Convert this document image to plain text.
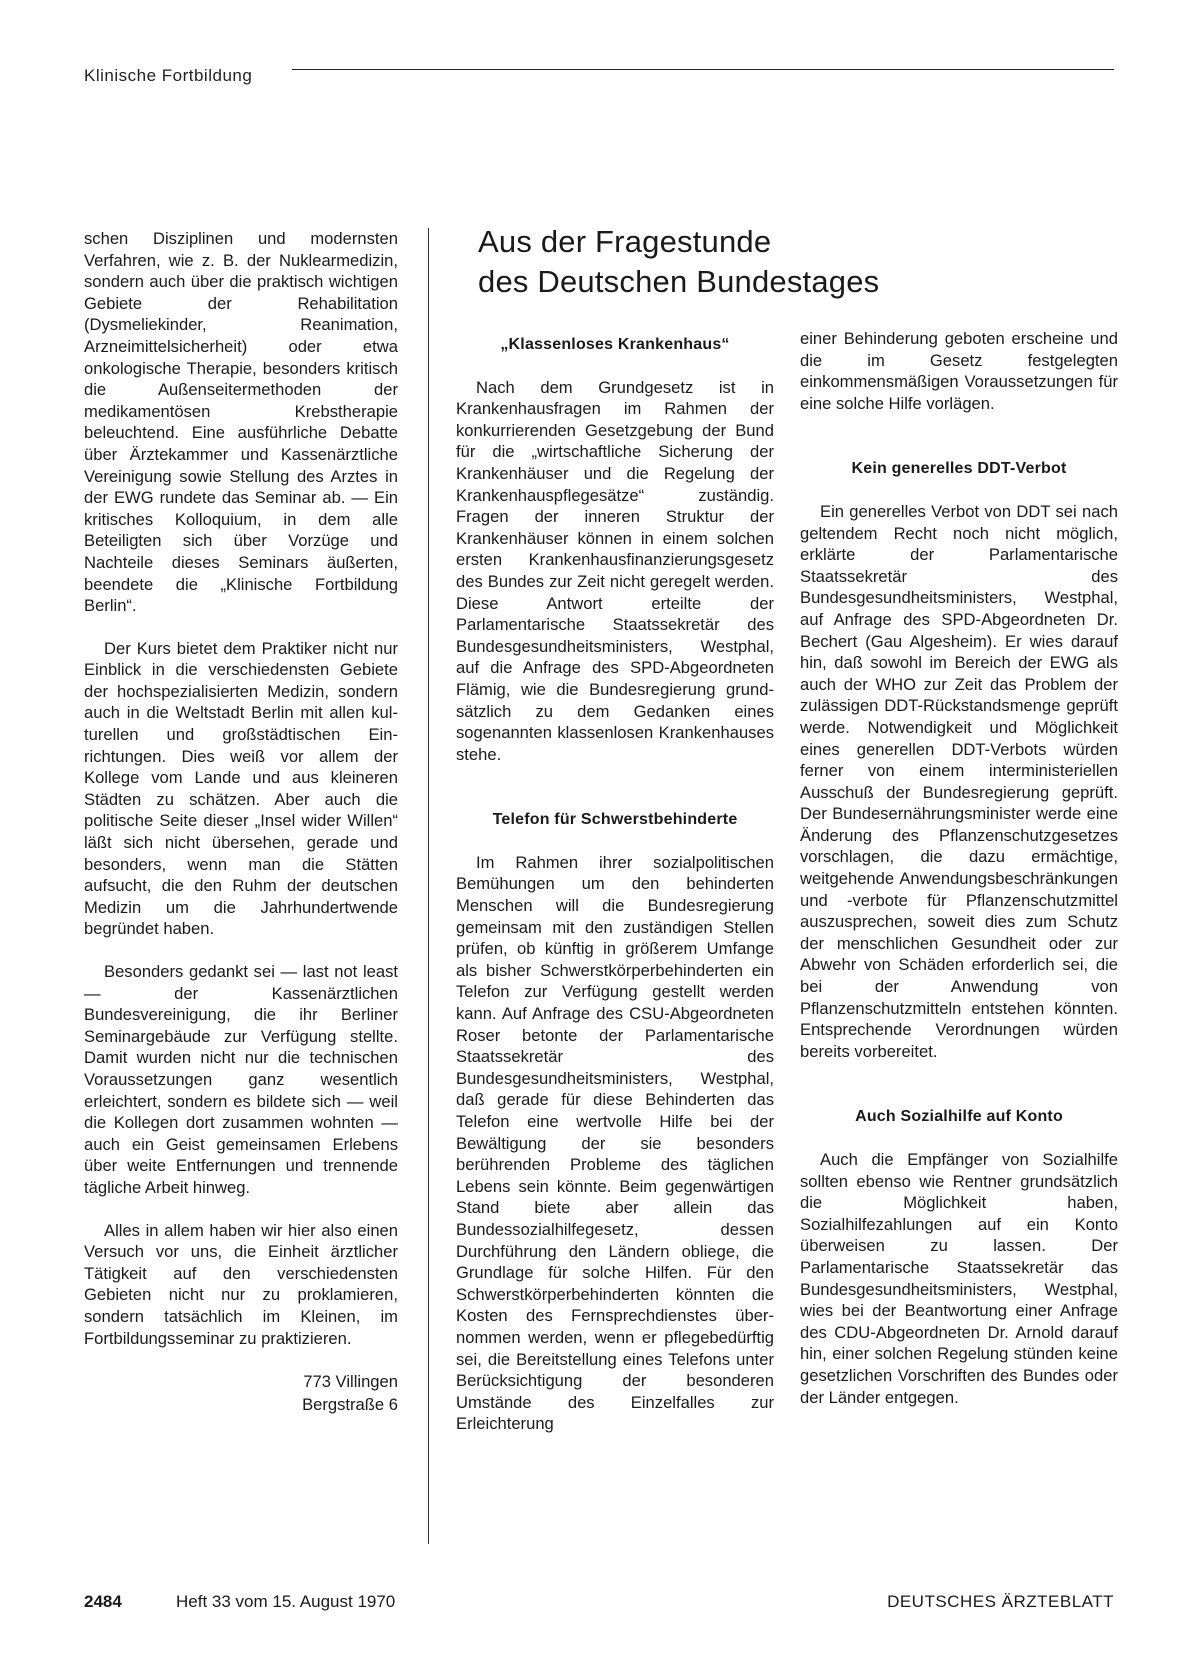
Klinische Fortbildung

schen Disziplinen und modernsten Verfahren, wie z. B. der Nuklearmedizin, sondern auch über die praktisch wichtigen Gebiete der Rehabilitation (Dysmeliekinder, Reanimation, Arzneimittelsicherheit) oder etwa onkologische Therapie, besonders kritisch die Außenseitermethoden der medikamentösen Krebstherapie beleuchtend. Eine ausführliche Debatte über Ärztekammer und Kassenärztliche Vereinigung sowie Stellung des Arztes in der EWG rundete das Seminar ab. — Ein kritisches Kolloquium, in dem alle Beteiligten sich über Vorzüge und Nachteile dieses Seminars äußerten, beendete die „Klinische Fortbildung Berlin“.

Der Kurs bietet dem Praktiker nicht nur Einblick in die verschiedensten Gebiete der hochspezialisierten Medizin, sondern auch in die Weltstadt Berlin mit allen kulturellen und großstädtischen Einrichtungen. Dies weiß vor allem der Kollege vom Lande und aus kleineren Städten zu schätzen. Aber auch die politische Seite dieser „Insel wider Willen“ läßt sich nicht übersehen, gerade und besonders, wenn man die Stätten aufsucht, die den Ruhm der deutschen Medizin um die Jahrhundertwende begründet haben.

Besonders gedankt sei — last not least — der Kassenärztlichen Bundesvereinigung, die ihr Berliner Seminargebäude zur Verfügung stellte. Damit wurden nicht nur die technischen Voraussetzungen ganz wesentlich erleichtert, sondern es bildete sich — weil die Kollegen dort zusammen wohnten — auch ein Geist gemeinsamen Erlebens über weite Entfernungen und trennende tägliche Arbeit hinweg.

Alles in allem haben wir hier also einen Versuch vor uns, die Einheit ärztlicher Tätigkeit auf den verschiedensten Gebieten nicht nur zu proklamieren, sondern tatsächlich im Kleinen, im Fortbildungsseminar zu praktizieren.

773 Villingen
Bergstraße 6
Aus der Fragestunde
des Deutschen Bundestages
„Klassenloses Krankenhaus“

Nach dem Grundgesetz ist in Krankenhausfragen im Rahmen der konkurrierenden Gesetzgebung der Bund für die „wirtschaftliche Sicherung der Krankenhäuser und die Regelung der Krankenhauspflegesätze“ zuständig. Fragen der inneren Struktur der Krankenhäuser können in einem solchen ersten Krankenhausfinanzierungsgesetz des Bundes zur Zeit nicht geregelt werden. Diese Antwort erteilte der Parlamentarische Staatssekretär des Bundesgesundheitsministers, Westphal, auf die Anfrage des SPD-Abgeordneten Flämig, wie die Bundesregierung grundsätzlich zu dem Gedanken eines sogenannten klassenlosen Krankenhauses stehe.

Telefon für Schwerstbehinderte

Im Rahmen ihrer sozialpolitischen Bemühungen um den behinderten Menschen will die Bundesregierung gemeinsam mit den zuständigen Stellen prüfen, ob künftig in größerem Umfange als bisher Schwerstkörperbehinderten ein Telefon zur Verfügung gestellt werden kann. Auf Anfrage des CSU-Abgeordneten Roser betonte der Parlamentarische Staatssekretär des Bundesgesundheitsministers, Westphal, daß gerade für diese Behinderten das Telefon eine wertvolle Hilfe bei der Bewältigung der sie besonders berührenden Probleme des täglichen Lebens sein könnte. Beim gegenwärtigen Stand biete aber allein das Bundessozialhilfegesetz, dessen Durchführung den Ländern obliege, die Grundlage für solche Hilfen. Für den Schwerstkörperbehinderten könnten die Kosten des Fernsprechdienstes übernommen werden, wenn er pflegebedürftig sei, die Bereitstellung eines Telefons unter Berücksichtigung der besonderen Umstände des Einzelfalles zur Erleichterung

einer Behinderung geboten erscheine und die im Gesetz festgelegten einkommensmäßigen Voraussetzungen für eine solche Hilfe vorlägen.

Kein generelles DDT-Verbot

Ein generelles Verbot von DDT sei nach geltendem Recht noch nicht möglich, erklärte der Parlamentarische Staatssekretär des Bundesgesundheitsministers, Westphal, auf Anfrage des SPD-Abgeordneten Dr. Bechert (Gau Algesheim). Er wies darauf hin, daß sowohl im Bereich der EWG als auch der WHO zur Zeit das Problem der zulässigen DDT-Rückstandsmenge geprüft werde. Notwendigkeit und Möglichkeit eines generellen DDT-Verbots würden ferner von einem interministeriellen Ausschuß der Bundesregierung geprüft. Der Bundesernährungsminister werde eine Änderung des Pflanzenschutzgesetzes vorschlagen, die dazu ermächtige, weitgehende Anwendungsbeschränkungen und -verbote für Pflanzenschutzmittel auszusprechen, soweit dies zum Schutz der menschlichen Gesundheit oder zur Abwehr von Schäden erforderlich sei, die bei der Anwendung von Pflanzenschutzmitteln entstehen könnten. Entsprechende Verordnungen würden bereits vorbereitet.

Auch Sozialhilfe auf Konto

Auch die Empfänger von Sozialhilfe sollten ebenso wie Rentner grundsätzlich die Möglichkeit haben, Sozialhilfezahlungen auf ein Konto überweisen zu lassen. Der Parlamentarische Staatssekretär das Bundesgesundheitsministers, Westphal, wies bei der Beantwortung einer Anfrage des CDU-Abgeordneten Dr. Arnold darauf hin, einer solchen Regelung stünden keine gesetzlichen Vorschriften des Bundes oder der Länder entgegen.

2484	Heft 33 vom 15. August 1970	DEUTSCHES ÄRZTEBLATT
